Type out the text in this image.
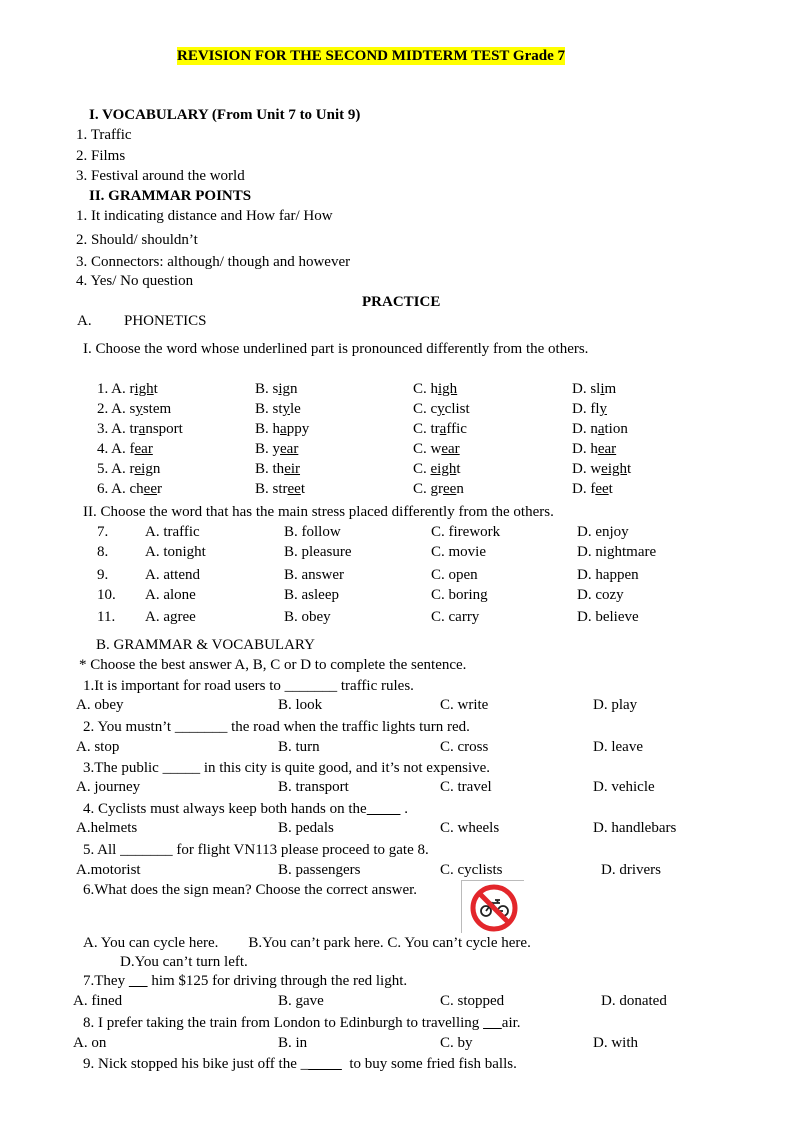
REVISION FOR THE SECOND MIDTERM TEST Grade 7
I. VOCABULARY (From Unit 7 to Unit 9)
1. Traffic
2. Films
3. Festival around the world
II. GRAMMAR POINTS
1. It indicating distance and How far/ How
2. Should/ shouldn’t
3. Connectors: although/ though and however
4. Yes/ No question
PRACTICE
A. PHONETICS
I. Choose the word whose underlined part is pronounced differently from the others.
1. A. right	B. sign	C. high	D. slim
2. A. system	B. style	C. cyclist	D. fly
3. A. transport	B. happy	C. traffic	D. nation
4. A. fear	B. year	C. wear	D. hear
5. A. reign	B. their	C. eight	D. weight
6. A. cheer	B. street	C. green	D. feet
II. Choose the word that has the main stress placed differently from the others.
7. A. traffic	B. follow	C. firework	D. enjoy
8. A. tonight	B. pleasure	C. movie	D. nightmare
9. A. attend	B. answer	C. open	D. happen
10. A. alone	B. asleep	C. boring	D. cozy
11. A. agree	B. obey	C. carry	D. believe
B. GRAMMAR & VOCABULARY
* Choose the best answer A, B, C or D to complete the sentence.
1.It is important for road users to _______ traffic rules.
A. obey	B. look	C. write	D. play
2. You mustn’t _______ the road when the traffic lights turn red.
A. stop	B. turn	C. cross	D. leave
3.The public _____ in this city is quite good, and it’s not expensive.
A. journey	B. transport	C. travel	D. vehicle
4. Cyclists must always keep both hands on the          .
A.helmets	B. pedals	C. wheels	D. handlebars
5. All _______ for flight VN113 please proceed to gate 8.
A.motorist	B. passengers	C. cyclists	D. drivers
6.What does the sign mean? Choose the correct answer.
A. You can cycle here.        B.You can’t park here. C. You can’t cycle here.
D.You can’t turn left.
7.They       him $125 for driving through the red light.
A. fined	B. gave	C. stopped	D. donated
8. I prefer taking the train from London to Edinburgh to travelling      air.
A. on	B. in	C. by	D. with
9. Nick stopped his bike just off the _           to buy some fried fish balls.
